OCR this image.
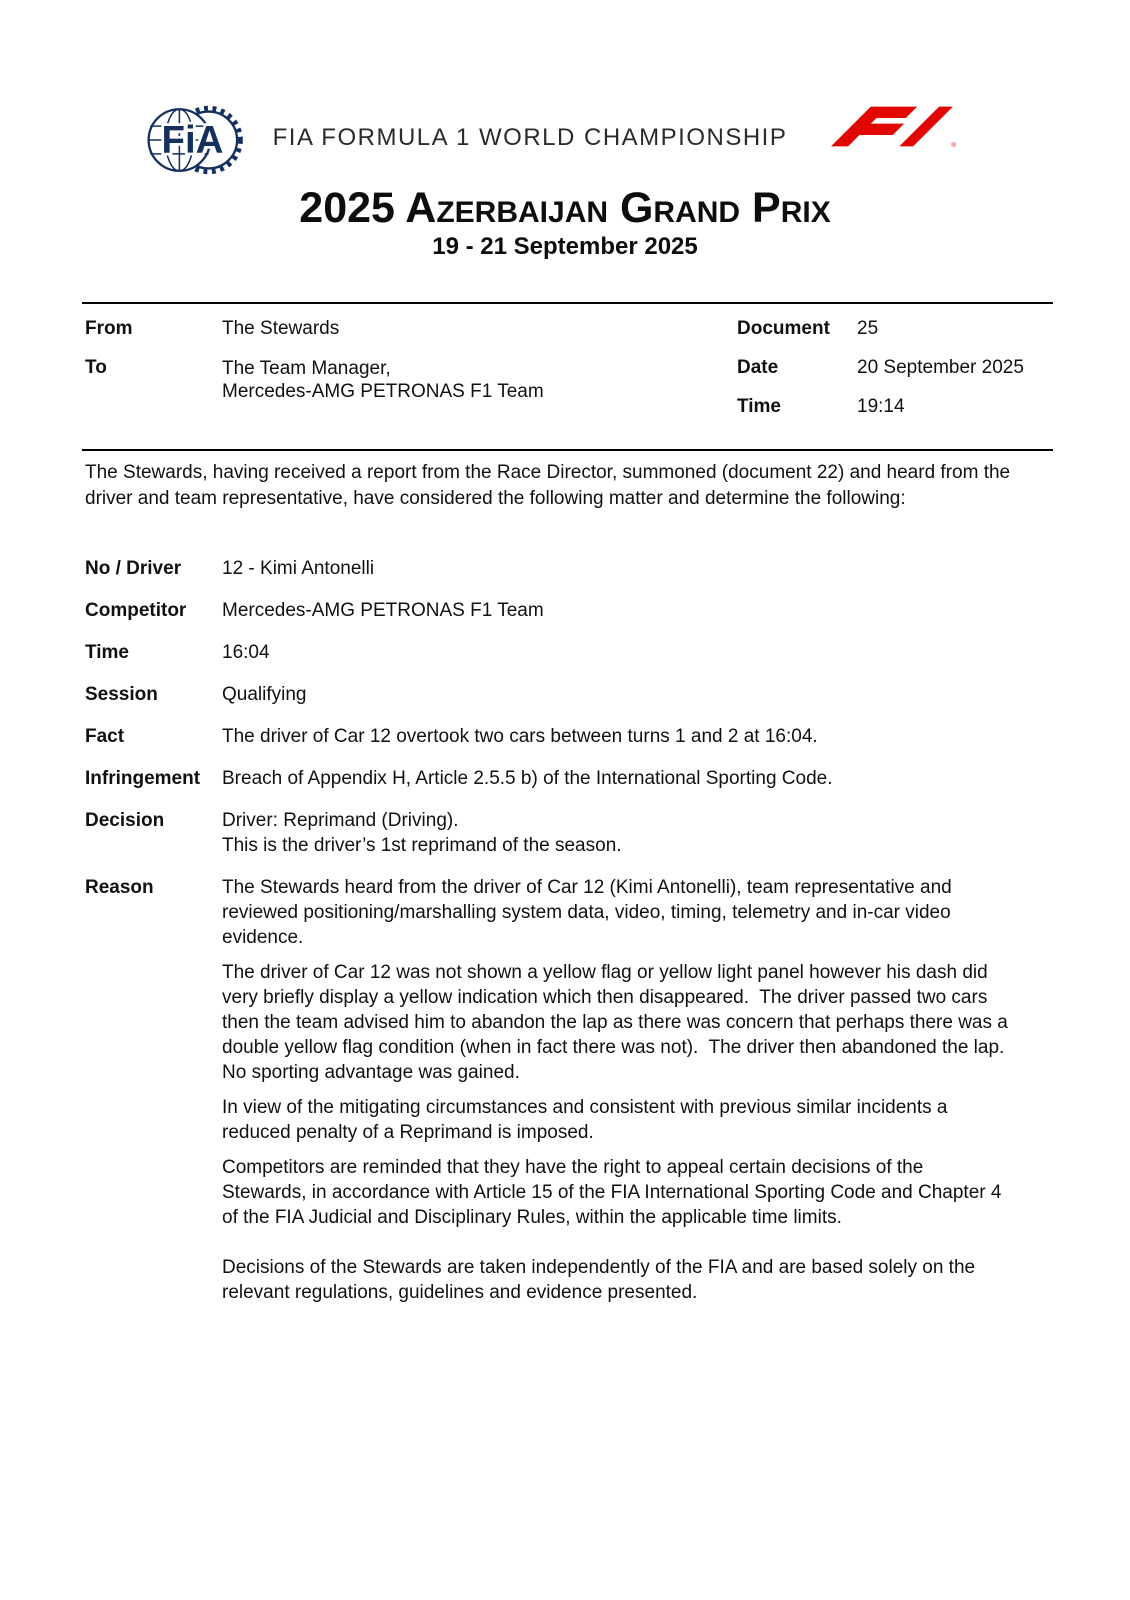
FiA	FIA FORMULA 1 WORLD CHAMPIONSHIP	®
2025 Azerbaijan Grand Prix
19 - 21 September 2025
From	The Stewards
To	The Team Manager,
Mercedes-AMG PETRONAS F1 Team
Document	25
Date	20 September 2025
Time	19:14

The Stewards, having received a report from the Race Director, summoned (document 22) and heard from the driver and team representative, have considered the following matter and determine the following:

No / Driver	12 - Kimi Antonelli
Competitor	Mercedes-AMG PETRONAS F1 Team
Time	16:04
Session	Qualifying
Fact	The driver of Car 12 overtook two cars between turns 1 and 2 at 16:04.
Infringement	Breach of Appendix H, Article 2.5.5 b) of the International Sporting Code.
Decision	Driver: Reprimand (Driving).
This is the driver’s 1st reprimand of the season.
Reason	The Stewards heard from the driver of Car 12 (Kimi Antonelli), team representative and reviewed positioning/marshalling system data, video, timing, telemetry and in-car video evidence.

The driver of Car 12 was not shown a yellow flag or yellow light panel however his dash did very briefly display a yellow indication which then disappeared.  The driver passed two cars then the team advised him to abandon the lap as there was concern that perhaps there was a double yellow flag condition (when in fact there was not).  The driver then abandoned the lap.  No sporting advantage was gained.

In view of the mitigating circumstances and consistent with previous similar incidents a reduced penalty of a Reprimand is imposed.

Competitors are reminded that they have the right to appeal certain decisions of the Stewards, in accordance with Article 15 of the FIA International Sporting Code and Chapter 4 of the FIA Judicial and Disciplinary Rules, within the applicable time limits.

Decisions of the Stewards are taken independently of the FIA and are based solely on the relevant regulations, guidelines and evidence presented.
